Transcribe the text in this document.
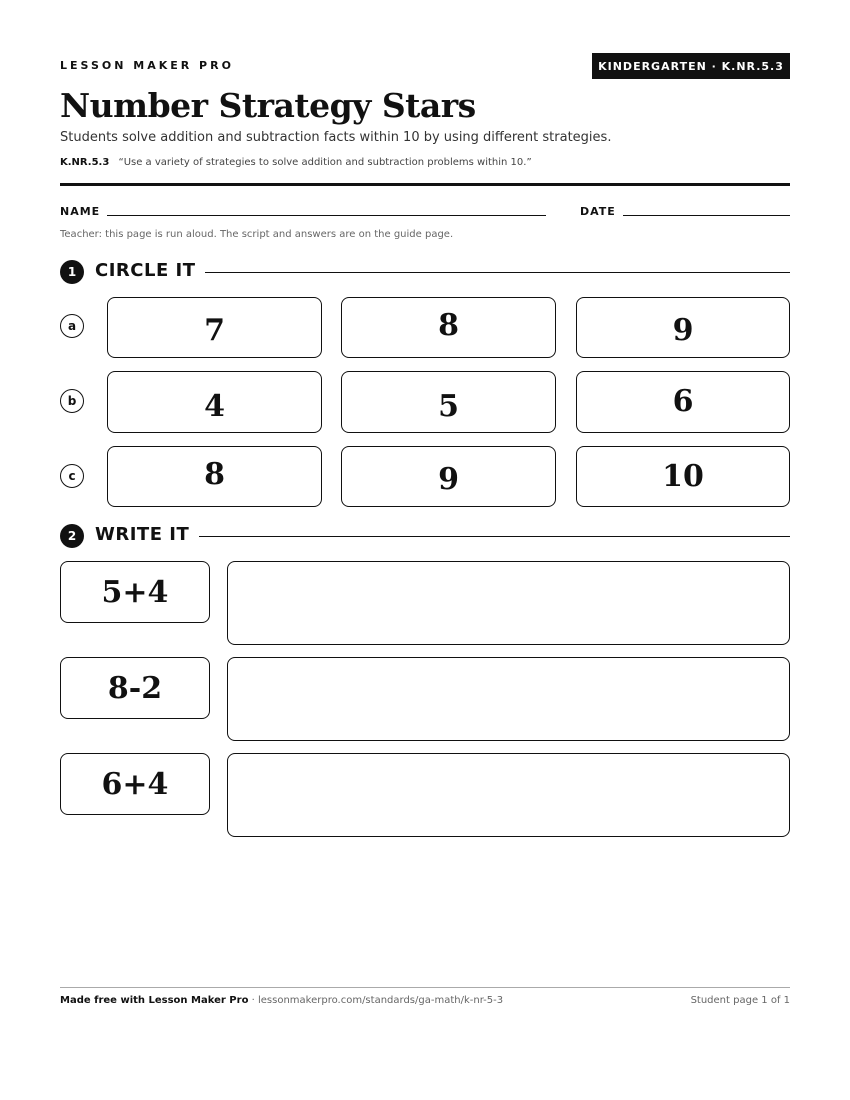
LESSON MAKER PRO	KINDERGARTEN · K.NR.5.3
Number Strategy Stars
Students solve addition and subtraction facts within 10 by using different strategies.
K.NR.5.3 “Use a variety of strategies to solve addition and subtraction problems within 10.”
NAME	DATE
Teacher: this page is run aloud. The script and answers are on the guide page.
1	CIRCLE IT
a	7	8	9
b	4	5	6
c	8	9	10
2	WRITE IT
5+4
8-2
6+4
Made free with Lesson Maker Pro · lessonmakerpro.com/standards/ga-math/k-nr-5-3	Student page 1 of 1
